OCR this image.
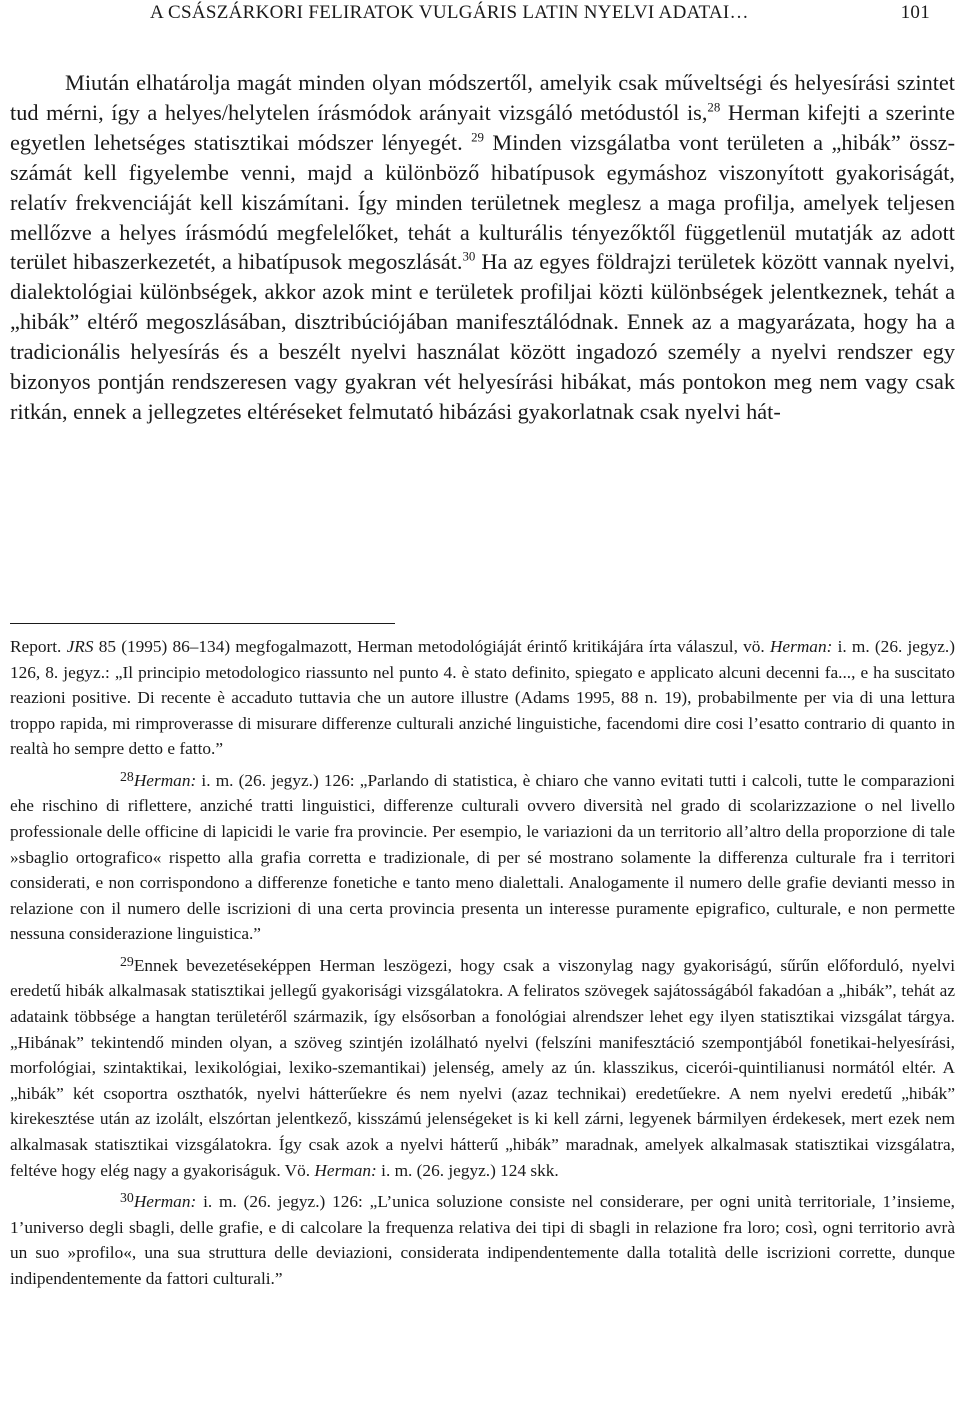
A CSÁSZÁRKORI FELIRATOK VULGÁRIS LATIN NYELVI ADATAI…	101

Miután elhatárolja magát minden olyan módszertől, amelyik csak műveltségi és helyesírási szintet tud mérni, így a helyes/helytelen írásmódok arányait vizsgáló metódustól is,$^{28}$ Herman kifejti a szerinte egyetlen lehetséges statisztikai módszer lényegét. $^{29}$ Minden vizsgálatba vont területen a „hibák” össz-számát kell figyelembe venni, majd a különböző hibatípusok egymáshoz viszonyított gyakoriságát, relatív frekvenciáját kell kiszámítani. Így minden területnek meglesz a maga profilja, amelyek teljesen mellőzve a helyes írásmódú megfelelőket, tehát a kulturális tényezőktől függetlenül mutatják az adott terület hibaszerkezetét, a hibatípusok megoszlását.$^{30}$ Ha az egyes földrajzi területek között vannak nyelvi, dialektológiai különbségek, akkor azok mint e területek profiljai közti különbségek jelentkeznek, tehát a „hibák” eltérő megoszlásában, disztribúciójában manifesztálódnak. Ennek az a magyarázata, hogy ha a tradicionális helyesírás és a beszélt nyelvi használat között ingadozó személy a nyelvi rendszer egy bizonyos pontján rendszeresen vagy gyakran vét helyesírási hibákat, más pontokon meg nem vagy csak ritkán, ennek a jellegzetes eltéréseket felmutató hibázási gyakorlatnak csak nyelvi hát-

Report. JRS 85 (1995) 86–134) megfogalmazott, Herman metodológiáját érintő kritikájára írta válaszul, vö. Herman: i. m. (26. jegyz.) 126, 8. jegyz.: „Il principio metodologico riassunto nel punto 4. è stato definito, spiegato e applicato alcuni decenni fa..., e ha suscitato reazioni positive. Di recente è accaduto tuttavia che un autore illustre (Adams 1995, 88 n. 19), probabilmente per via di una lettura troppo rapida, mi rimproverasse di misurare differenze culturali anziché linguistiche, facendomi dire cosi l’esatto contrario di quanto in realtà ho sempre detto e fatto.”

28Herman: i. m. (26. jegyz.) 126: „Parlando di statistica, è chiaro che vanno evitati tutti i calcoli, tutte le comparazioni ehe rischino di riflettere, anziché tratti linguistici, differenze culturali ovvero diversità nel grado di scolarizzazione o nel livello professionale delle officine di lapicidi le varie fra provincie. Per esempio, le variazioni da un territorio all’altro della proporzione di tale »sbaglio ortografico« rispetto alla grafia corretta e tradizionale, di per sé mostrano solamente la differenza culturale fra i territori considerati, e non corrispondono a differenze fonetiche e tanto meno dialettali. Analogamente il numero delle grafie devianti messo in relazione con il numero delle iscrizioni di una certa provincia presenta un interesse puramente epigrafico, culturale, e non permette nessuna considerazione linguistica.”

29Ennek bevezetéseképpen Herman leszögezi, hogy csak a viszonylag nagy gyakoriságú, sűrűn előforduló, nyelvi eredetű hibák alkalmasak statisztikai jellegű gyakorisági vizsgálatokra. A feliratos szövegek sajátosságából fakadóan a „hibák”, tehát az adataink többsége a hangtan területéről származik, így elsősorban a fonológiai alrendszer lehet egy ilyen statisztikai vizsgálat tárgya. „Hibának” tekintendő minden olyan, a szöveg szintjén izolálható nyelvi (felszíni manifesztáció szempontjából fonetikai-helyesírási, morfológiai, szintaktikai, lexikológiai, lexiko-szemantikai) jelenség, amely az ún. klasszikus, cicerói-quintilianusi normától eltér. A „hibák” két csoportra oszthatók, nyelvi hátterűekre és nem nyelvi (azaz technikai) eredetűekre. A nem nyelvi eredetű „hibák” kirekesztése után az izolált, elszórtan jelentkező, kisszámú jelenségeket is ki kell zárni, legyenek bármilyen érdekesek, mert ezek nem alkalmasak statisztikai vizsgálatokra. Így csak azok a nyelvi hátterű „hibák” maradnak, amelyek alkalmasak statisztikai vizsgálatra, feltéve hogy elég nagy a gyakoriságuk. Vö. Herman: i. m. (26. jegyz.) 124 skk.

30Herman: i. m. (26. jegyz.) 126: „L’unica soluzione consiste nel considerare, per ogni unità territoriale, 1’insieme, 1’universo degli sbagli, delle grafie, e di calcolare la frequenza relativa dei tipi di sbagli in relazione fra loro; così, ogni territorio avrà un suo »profilo«, una sua struttura delle deviazioni, considerata indipendentemente dalla totalità delle iscrizioni corrette, dunque indipendentemente da fattori culturali.”
